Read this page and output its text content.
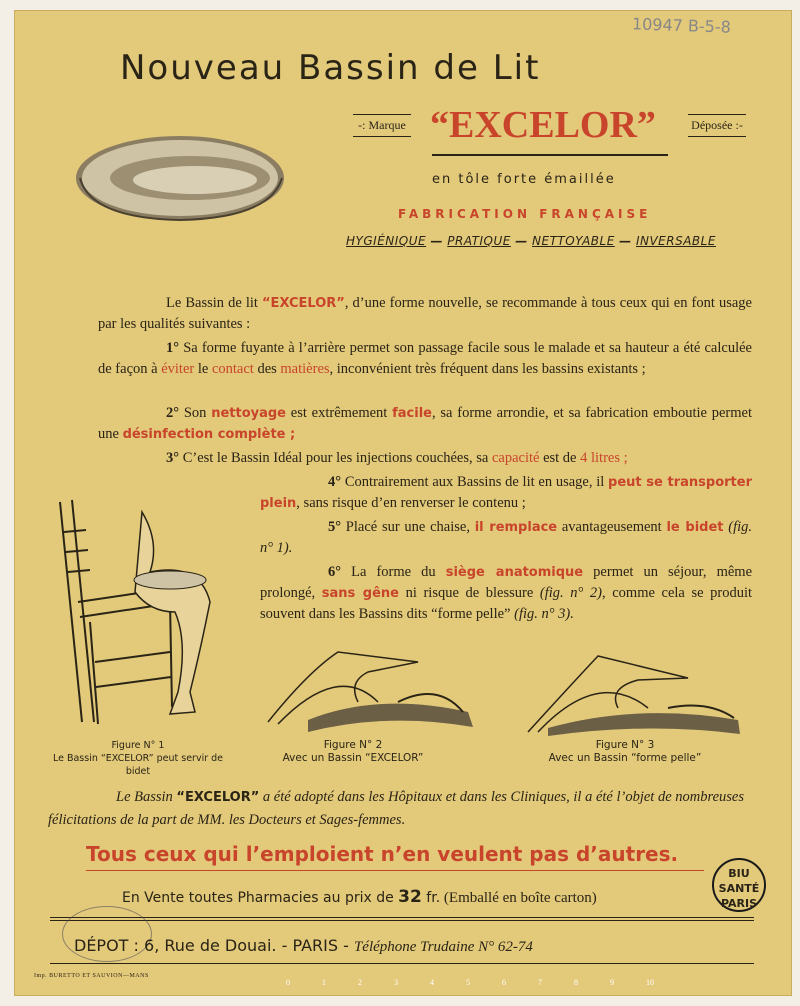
10947 B-5-8
Nouveau Bassin de Lit
-: Marque “EXCELOR”	Déposée :-
en tôle forte émaillée
FABRICATION FRANÇAISE
HYGIÉNIQUE — PRATIQUE — NETTOYABLE — INVERSABLE
Le Bassin de lit “EXCELOR”, d’une forme nouvelle, se recommande à tous ceux qui en font usage par les qualités suivantes :
1° Sa forme fuyante à l’arrière permet son passage facile sous le malade et sa hauteur a été calculée de façon à éviter le contact des matières, inconvénient très fréquent dans les bassins existants ;
2° Son nettoyage est extrêmement facile, sa forme arrondie, et sa fabrication emboutie permet une désinfection complète ;
3° C’est le Bassin Idéal pour les injections couchées, sa capacité est de 4 litres ;
4° Contrairement aux Bassins de lit en usage, il peut se transporter plein, sans risque d’en renverser le contenu ;
5° Placé sur une chaise, il remplace avantageusement le bidet (fig. n° 1).
6° La forme du siège anatomique permet un séjour, même prolongé, sans gêne ni risque de blessure (fig. n° 2), comme cela se produit souvent dans les Bassins dits “forme pelle” (fig. n° 3).
Figure N° 1
Le Bassin “EXCELOR” peut servir de bidet
Figure N° 2
Avec un Bassin “EXCELOR”
Figure N° 3
Avec un Bassin “forme pelle”
Le Bassin “EXCELOR” a été adopté dans les Hôpitaux et dans les Cliniques, il a été l’objet de nombreuses félicitations de la part de MM. les Docteurs et Sages-femmes.
Tous ceux qui l’emploient n’en veulent pas d’autres.
En Vente toutes Pharmacies au prix de 32 fr. (Emballé en boîte carton)
BIU
SANTÉ
PARIS
DÉPOT : 6, Rue de Douai. - PARIS - Téléphone Trudaine N° 62-74
Imp. BURETTO ET SAUVION—MANS
0	1	2	3	4	5	6	7	8	9	10
